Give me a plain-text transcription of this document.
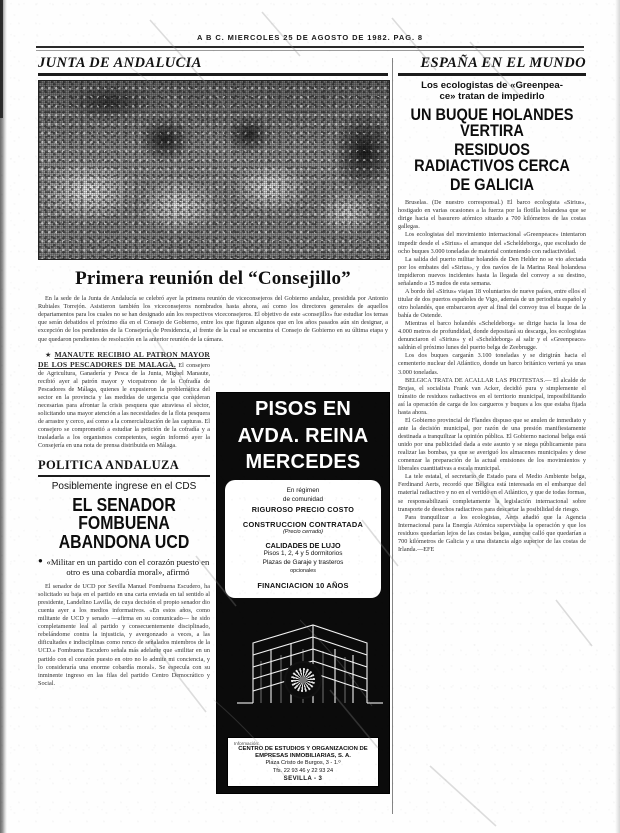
A B C. MIERCOLES 25 DE AGOSTO DE 1982. PAG. 8
JUNTA DE ANDALUCIA
Primera reunión del “Consejillo”
En la sede de la Junta de Andalucía se celebró ayer la primera reunión de viceconsejeros del Gobierno andaluz, presidida por Antonio Rubiales Torrejón. Asistieron también los viceconsejeros nombrados hasta ahora, así como los directores generales de aquellos departamentos para los cuales no se han designado aún los respectivos viceconsejeros. El objetivo de este «consejillo» fue estudiar los temas que serán debatidos el próximo día en el Consejo de Gobierno, entre los que figuran algunos que en los años pasados aún sin designar, a excepción de los pendientes de la Consejería de Presidencia, al frente de la cual se encuentra el Consejo de Gobierno en su última etapa y que quedaron pendientes de resolución en la anterior reunión de la cámara.
★ MANAUTE RECIBIO AL PATRON MAYOR DE LOS PESCADORES DE MALAGA. El consejero de Agricultura, Ganadería y Pesca de la Junta, Miguel Manaute, recibió ayer al patrón mayor y vicepatrono de la Cofradía de Pescadores de Málaga, quienes le expusieron la problemática del sector en la provincia y las medidas de urgencia que consideran necesarias para afrontar la crisis pesquera que atraviesa el sector, solicitando una mayor atención a las necesidades de la flota pesquera de arrastre y cerco, así como a la comercialización de las capturas. El consejero se comprometió a estudiar la petición de la cofradía y a trasladarla a los organismos competentes, según informó ayer la Consejería en una nota de prensa distribuida en Málaga.
POLITICA ANDALUZA
Posiblemente ingrese en el CDS
EL SENADOR FOMBUENA
ABANDONA UCD
● «Militar en un partido con el corazón puesto en otro es una cobardía moral», afirmó
El senador de UCD por Sevilla Manuel Fombuena Escudero, ha solicitado su baja en el partido en una carta enviada en tal sentido al presidente, Landelino Lavilla, de cuya decisión el propio senador dio cuenta ayer a los medios informativos. «En estos años, como militante de UCD y senado —afirma en su comunicado— he sido completamente leal al partido y consecuentemente disciplinado, rebelándome contra la injusticia, y avergonzado a veces, a las dificultades e indisciplinas como renco de señalados miembros de la UCD.» Fombuena Escudero señala más adelante que «militar en un partido con el corazón puesto en otro no lo admite mi conciencia, y lo consideraría una enorme cobardía moral». Se especula con su inminente ingreso en las filas del partido Centro Democrático y Social.
ESPAÑA EN EL MUNDO
Los ecologistas de «Greenpea-
ce» tratan de impedirlo
UN BUQUE HOLANDES VERTIRA
RESIDUOS RADIACTIVOS CERCA
DE GALICIA

Bruselas. (De nuestro corresponsal.) El barco ecologista «Sirius», hostigado en varias ocasiones a la fuerza por la flotilla holandesa que se dirige hacia el basurero atómico situado a 700 kilómetros de las costas gallegas.

Los ecologistas del movimiento internacional «Greenpeace» intentaron impedir desde el «Sirius» el arranque del «Scheldeborg», que escoltado de ocho buques 3.000 toneladas de material conteniendo con radiactividad.

La salida del puerto militar holandés de Den Helder no se vio afectada por los embates del «Sirius», y dos navíos de la Marina Real holandesa impidieron nuevos incidentes hasta la llegada del convoy a su destino, señalando a 15 nudos de esta semana.

A bordo del «Sirius» viajan 18 voluntarios de nueve países, entre ellos el titular de dos puertos españoles de Vigo, además de un periodista español y otro holandés, que embarcaron ayer al final del convoy tras el buque de la bahía de Ostende.

Mientras el barco holandés «Scheldeborg» se dirige hacia la losa de 4.000 metros de profundidad, donde depositará su descarga, los ecologistas denunciaron el «Sirius» y el «Scheldeborg» al salir y el «Greenpeace» saldrán el próximo lunes del puerto belga de Zeebrugge.

Los dos buques cargarán 3.100 toneladas y se dirigirán hacia el cementerio nuclear del Atlántico, donde un barco británico verterá ya unas 3.000 toneladas.

BELGICA TRATA DE ACALLAR LAS PROTESTAS.— El alcalde de Brujas, el socialista Frank van Acker, decidió pura y simplemente el tránsito de residuos radiactivos en el territorio municipal, imposibilitando así la operación de carga de los cargueros y buques a los que estaba fijada hasta ahora.

El Gobierno provincial de Flandes dispuso que se anulen de inmediato y ante la decisión municipal, por razón de una presión manifiestamente destinada a tranquilizar la opinión pública. El Gobierno nacional belga está unido por una publicidad dada a este asunto y se niega públicamente para realizar las bombas, ya que se averiguó los almacenes municipales y dese comenzar la preparación de la actual emisiones de los movimientos y liberales cuantitativas a escala municipal.

La tele estatal, el secretario de Estado para el Medio Ambiente belga, Ferdinand Aerts, recordó que Bélgica está interesada en el embarque del material radiactivo y no en el vertido en el Atlántico, y que de todas formas, se responsabilizará completamente la legislación internacional sobre transporte de desechos radiactivos para descartar la posibilidad de riesgo.

Para tranquilizar a los ecologistas, Aerts añadió que la Agencia Internacional para la Energía Atómica supervisaba la operación y que los residuos quedarían lejos de las costas belgas, aunque calló que quedarían a 700 kilómetros de Galicia y a una distancia algo superior de las costas de Irlanda.—EFE

PISOS EN
AVDA. REINA
MERCEDES
En régimen
de comunidad
RIGUROSO PRECIO COSTO
CONSTRUCCION CONTRATADA
(Precio cerrado)
CALIDADES DE LUJO
Pisos 1, 2, 4 y 5 dormitorios
Plazas de Garaje y trasteros
opcionales
FINANCIACION 10 AÑOS
Información:
CENTRO DE ESTUDIOS Y ORGANIZACION DE
EMPRESAS INMOBILIARIAS, S. A.
Plaza Cristo de Burgos, 3 - 1.º
Tfs. 22 93 46 y 22 93 24
SEVILLA - 3
